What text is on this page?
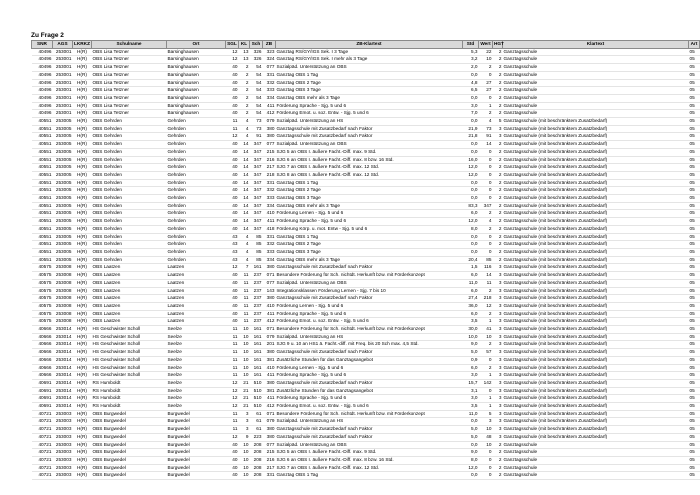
Zu Frage 2
SNR	AGS	LKRKZ	Schulname	Ort	SGL	KL	Sch	ZB	ZB-Klartext	Std	Wert	HGT	Klartext	Art
40496	253001	H(R)	OBS Lisa Tetzner	Barsinghausen	12	13	326	323	Ganztag RS/GY/IGS Sek. I 3 Tage	5,3	22	2	Ganztagsschule	05
40496	253001	H(R)	OBS Lisa Tetzner	Barsinghausen	12	13	326	324	Ganztag RS/GY/IGS Sek. I mehr als 3 Tage	3,2	10	2	Ganztagsschule	05
40496	253001	H(R)	OBS Lisa Tetzner	Barsinghausen	40	2	54	077	Sozialpäd. Unterstützung an OBS	2,0	2	2	Ganztagsschule	05
40496	253001	H(R)	OBS Lisa Tetzner	Barsinghausen	40	2	54	331	Ganztag OBS 1 Tag	0,0	0	2	Ganztagsschule	05
40496	253001	H(R)	OBS Lisa Tetzner	Barsinghausen	40	2	54	332	Ganztag OBS 2 Tage	4,8	27	2	Ganztagsschule	05
40496	253001	H(R)	OBS Lisa Tetzner	Barsinghausen	40	2	54	333	Ganztag OBS 3 Tage	6,5	27	2	Ganztagsschule	05
40496	253001	H(R)	OBS Lisa Tetzner	Barsinghausen	40	2	54	334	Ganztag OBS mehr als 3 Tage	0,0	0	2	Ganztagsschule	05
40496	253001	H(R)	OBS Lisa Tetzner	Barsinghausen	40	2	54	411	Förderung Sprache - Sjg. 5 und 6	3,0	1	2	Ganztagsschule	05
40496	253001	H(R)	OBS Lisa Tetzner	Barsinghausen	40	2	54	412	Förderung Emot. u. soz. Entw. - Sjg. 5 und 6	7,0	2	2	Ganztagsschule	05
40551	253005	H(R)	OBS Gehrden	Gehrden	11	4	73	079	Sozialpäd. Unterstützung an HS	0,0	4	5	Ganztagsschule (mit beschränktem Zusatzbedarf)	05
40551	253005	H(R)	OBS Gehrden	Gehrden	11	4	73	380	Ganztagsschule mit Zusatzbedarf nach Faktor	21,9	73	3	Ganztagsschule (mit beschränktem Zusatzbedarf)	05
40551	253005	H(R)	OBS Gehrden	Gehrden	12	4	91	380	Ganztagsschule mit Zusatzbedarf nach Faktor	21,8	91	3	Ganztagsschule (mit beschränktem Zusatzbedarf)	05
40551	253005	H(R)	OBS Gehrden	Gehrden	40	14	347	077	Sozialpäd. Unterstützung an OBS	0,0	14	2	Ganztagsschule (mit beschränktem Zusatzbedarf)	05
40551	253005	H(R)	OBS Gehrden	Gehrden	40	14	347	215	SJG 5 an OBS I. äußere Facht.-Diff. max. 9 Std.	0,0	0	2	Ganztagsschule (mit beschränktem Zusatzbedarf)	05
40551	253005	H(R)	OBS Gehrden	Gehrden	40	14	347	216	SJG 6 an OBS I. äußere Facht.-Diff. max. 8 bzw. 16 Std.	16,0	0	2	Ganztagsschule (mit beschränktem Zusatzbedarf)	05
40551	253005	H(R)	OBS Gehrden	Gehrden	40	14	347	217	SJG 7 an OBS I. äußere Facht.-Diff. max. 12 Std.	12,0	0	2	Ganztagsschule (mit beschränktem Zusatzbedarf)	05
40551	253005	H(R)	OBS Gehrden	Gehrden	40	14	347	218	SJG 8 an OBS I. äußere Facht.-Diff. max. 12 Std.	12,0	0	2	Ganztagsschule (mit beschränktem Zusatzbedarf)	05
40551	253005	H(R)	OBS Gehrden	Gehrden	40	14	347	331	Ganztag OBS 1 Tag	0,0	0	2	Ganztagsschule (mit beschränktem Zusatzbedarf)	05
40551	253005	H(R)	OBS Gehrden	Gehrden	40	14	347	332	Ganztag OBS 2 Tage	0,0	0	2	Ganztagsschule (mit beschränktem Zusatzbedarf)	05
40551	253005	H(R)	OBS Gehrden	Gehrden	40	14	347	333	Ganztag OBS 3 Tage	0,0	0	2	Ganztagsschule (mit beschränktem Zusatzbedarf)	05
40551	253005	H(R)	OBS Gehrden	Gehrden	40	14	347	334	Ganztag OBS mehr als 3 Tage	83,3	347	2	Ganztagsschule (mit beschränktem Zusatzbedarf)	05
40551	253005	H(R)	OBS Gehrden	Gehrden	40	14	347	410	Förderung Lernen - Sjg. 5 und 6	6,0	2	2	Ganztagsschule (mit beschränktem Zusatzbedarf)	05
40551	253005	H(R)	OBS Gehrden	Gehrden	40	14	347	411	Förderung Sprache - Sjg. 5 und 6	12,0	4	2	Ganztagsschule (mit beschränktem Zusatzbedarf)	05
40551	253005	H(R)	OBS Gehrden	Gehrden	40	14	347	418	Förderung Körp. u. mot. Entw - Sjg. 5 und 6	8,0	2	2	Ganztagsschule (mit beschränktem Zusatzbedarf)	05
40551	253005	H(R)	OBS Gehrden	Gehrden	43	4	85	331	Ganztag OBS 1 Tag	0,0	0	2	Ganztagsschule (mit beschränktem Zusatzbedarf)	05
40551	253005	H(R)	OBS Gehrden	Gehrden	43	4	85	332	Ganztag OBS 2 Tage	0,0	0	2	Ganztagsschule (mit beschränktem Zusatzbedarf)	05
40551	253005	H(R)	OBS Gehrden	Gehrden	43	4	85	333	Ganztag OBS 3 Tage	0,0	0	2	Ganztagsschule (mit beschränktem Zusatzbedarf)	05
40551	253005	H(R)	OBS Gehrden	Gehrden	43	4	85	334	Ganztag OBS mehr als 3 Tage	20,4	85	2	Ganztagsschule (mit beschränktem Zusatzbedarf)	05
40575	253008	H(R)	OBS Laatzen	Laatzen	12	7	161	380	Ganztagsschule mit Zusatzbedarf nach Faktor	1,5	116	3	Ganztagsschule (mit beschränktem Zusatzbedarf)	05
40575	253008	H(R)	OBS Laatzen	Laatzen	40	11	237	071	Besondere Förderung für Sch. nichtdt. Herkunft bzw. mit Förderkonzept	6,0	14	3	Ganztagsschule (mit beschränktem Zusatzbedarf)	05
40575	253008	H(R)	OBS Laatzen	Laatzen	40	11	237	077	Sozialpäd. Unterstützung an OBS	11,0	11	3	Ganztagsschule (mit beschränktem Zusatzbedarf)	05
40575	253008	H(R)	OBS Laatzen	Laatzen	40	11	237	143	Integrationsklassen Förderung Lernen - Sjg. 7 bis 10	6,0	2	3	Ganztagsschule (mit beschränktem Zusatzbedarf)	05
40575	253008	H(R)	OBS Laatzen	Laatzen	40	11	237	380	Ganztagsschule mit Zusatzbedarf nach Faktor	27,4	218	3	Ganztagsschule (mit beschränktem Zusatzbedarf)	05
40575	253008	H(R)	OBS Laatzen	Laatzen	40	11	237	410	Förderung Lernen - Sjg. 5 und 6	36,0	12	3	Ganztagsschule (mit beschränktem Zusatzbedarf)	05
40575	253008	H(R)	OBS Laatzen	Laatzen	40	11	237	411	Förderung Sprache - Sjg. 5 und 6	6,0	2	3	Ganztagsschule (mit beschränktem Zusatzbedarf)	05
40575	253008	H(R)	OBS Laatzen	Laatzen	40	11	237	412	Förderung Emot. u. soz. Entw. - Sjg. 5 und 6	3,5	1	3	Ganztagsschule (mit beschränktem Zusatzbedarf)	05
40666	253014	H(R)	HS Geschwister Scholl	Seelze	11	10	161	071	Besondere Förderung für Sch. nichtdt. Herkunft bzw. mit Förderkonzept	30,0	41	3	Ganztagsschule (mit beschränktem Zusatzbedarf)	05
40666	253014	H(R)	HS Geschwister Scholl	Seelze	11	10	161	079	Sozialpäd. Unterstützung an HS	10,0	10	3	Ganztagsschule (mit beschränktem Zusatzbedarf)	05
40666	253014	H(R)	HS Geschwister Scholl	Seelze	11	10	161	201	SJG 9 u. 10 an HS1 ä. Facht.-diff. mit Freq. bis 20 Sch max. 4,5 Std.	9,0	2	3	Ganztagsschule (mit beschränktem Zusatzbedarf)	05
40666	253014	H(R)	HS Geschwister Scholl	Seelze	11	10	161	380	Ganztagsschule mit Zusatzbedarf nach Faktor	5,0	57	3	Ganztagsschule (mit beschränktem Zusatzbedarf)	05
40666	253014	H(R)	HS Geschwister Scholl	Seelze	11	10	161	381	Zusätzliche Stunden für das Ganztagsangebot	0,9	0	3	Ganztagsschule (mit beschränktem Zusatzbedarf)	05
40666	253014	H(R)	HS Geschwister Scholl	Seelze	11	10	161	410	Förderung Lernen - Sjg. 5 und 6	6,0	2	3	Ganztagsschule (mit beschränktem Zusatzbedarf)	05
40666	253014	H(R)	HS Geschwister Scholl	Seelze	11	10	161	411	Förderung Sprache - Sjg. 5 und 6	3,0	1	3	Ganztagsschule (mit beschränktem Zusatzbedarf)	05
40691	253014	H(R)	RS Humboldt	Seelze	12	21	510	380	Ganztagsschule mit Zusatzbedarf nach Faktor	15,7	142	3	Ganztagsschule (mit beschränktem Zusatzbedarf)	05
40691	253014	H(R)	RS Humboldt	Seelze	12	21	510	381	Zusätzliche Stunden für das Ganztagsangebot	3,1	0	3	Ganztagsschule (mit beschränktem Zusatzbedarf)	05
40691	253014	H(R)	RS Humboldt	Seelze	12	21	510	411	Förderung Sprache - Sjg. 5 und 6	3,0	1	3	Ganztagsschule (mit beschränktem Zusatzbedarf)	05
40691	253014	H(R)	RS Humboldt	Seelze	12	21	510	412	Förderung Emot. u. soz. Entw. - Sjg. 5 und 6	3,5	1	3	Ganztagsschule (mit beschränktem Zusatzbedarf)	05
40721	253003	H(R)	OBS Burgwedel	Burgwedel	11	3	61	071	Besondere Förderung für Sch. nichtdt. Herkunft bzw. mit Förderkonzept	11,0	5	3	Ganztagsschule (mit beschränktem Zusatzbedarf)	05
40721	253003	H(R)	OBS Burgwedel	Burgwedel	11	3	61	079	Sozialpäd. Unterstützung an HS	0,0	3	3	Ganztagsschule (mit beschränktem Zusatzbedarf)	05
40721	253003	H(R)	OBS Burgwedel	Burgwedel	11	3	61	380	Ganztagsschule mit Zusatzbedarf nach Faktor	5,0	10	3	Ganztagsschule (mit beschränktem Zusatzbedarf)	05
40721	253003	H(R)	OBS Burgwedel	Burgwedel	12	9	223	380	Ganztagsschule mit Zusatzbedarf nach Faktor	5,0	48	3	Ganztagsschule (mit beschränktem Zusatzbedarf)	05
40721	253003	H(R)	OBS Burgwedel	Burgwedel	40	10	208	077	Sozialpäd. Unterstützung an OBS	0,0	10	2	Ganztagsschule	05
40721	253003	H(R)	OBS Burgwedel	Burgwedel	40	10	208	215	SJG 5 an OBS I. äußere Facht.-Diff. max. 9 Std.	9,0	0	2	Ganztagsschule	05
40721	253003	H(R)	OBS Burgwedel	Burgwedel	40	10	208	216	SJG 6 an OBS I. äußere Facht.-Diff. max. 8 bzw. 16 Std.	8,0	0	2	Ganztagsschule	05
40721	253003	H(R)	OBS Burgwedel	Burgwedel	40	10	208	217	SJG 7 an OBS I. äußere Facht.-Diff. max. 12 Std.	12,0	0	2	Ganztagsschule	05
40721	253003	H(R)	OBS Burgwedel	Burgwedel	40	10	208	331	Ganztag OBS 1 Tag	0,0	0	2	Ganztagsschule	05
